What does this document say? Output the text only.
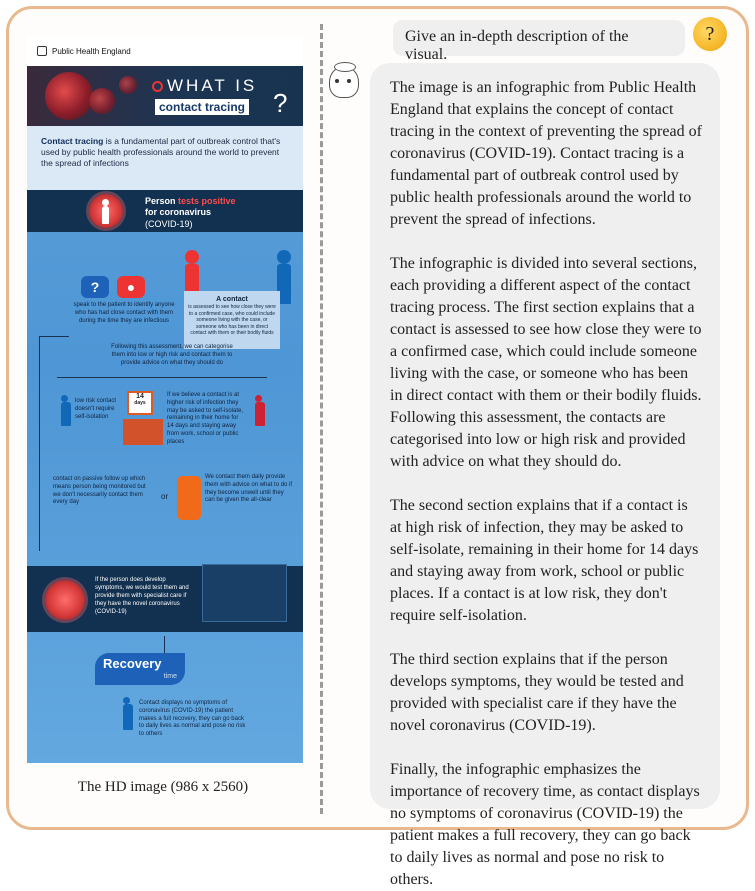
Public Health England
WHAT IS
contact tracing ?
Contact tracing is a fundamental part of outbreak control that's used by public health professionals around the world to prevent the spread of infections
Person tests positive
for coronavirus
(COVID-19)
?	●
speak to the patient to identify anyone who has had close contact with them during the time they are infectious
A contact
is assessed to see how close they were to a confirmed case, who could include someone living with the case, or someone who has been in direct contact with them or their bodily fluids
Following this assessment, we can categorise them into low or high risk and contact them to provide advice on what they should do
low risk contact doesn't require self-isolation
14
days
If we believe a contact is at higher risk of infection they may be asked to self-isolate, remaining in their home for 14 days and staying away from work, school or public places
contact on passive follow up which means person being monitored but we don't necessarily contact them every day
or
We contact them daily provide them with advice on what to do if they become unwell until they can be given the all-clear
If the person does develop symptoms, we would test them and provide them with specialist care if they have the novel coronavirus (COVID-19)
Recovery
time
Contact displays no symptoms of coronavirus (COVID-19) the patient makes a full recovery, they can go back to daily lives as normal and pose no risk to others
The HD image (986 x 2560)
Give an in-depth description of the visual.
?

The image is an infographic from Public Health England that explains the concept of contact tracing in the context of preventing the spread of coronavirus (COVID-19). Contact tracing is a fundamental part of outbreak control used by public health professionals around the world to prevent the spread of infections.

The infographic is divided into several sections, each providing a different aspect of the contact tracing process. The first section explains that a contact is assessed to see how close they were to a confirmed case, which could include someone living with the case, or someone who has been in direct contact with them or their bodily fluids. Following this assessment, the contacts are categorised into low or high risk and provided with advice on what they should do.

The second section explains that if a contact is at high risk of infection, they may be asked to self-isolate, remaining in their home for 14 days and staying away from work, school or public places. If a contact is at low risk, they don't require self-isolation.

The third section explains that if the person develops symptoms, they would be tested and provided with specialist care if they have the novel coronavirus (COVID-19).

Finally, the infographic emphasizes the importance of recovery time, as contact displays no symptoms of coronavirus (COVID-19) the patient makes a full recovery, they can go back to daily lives as normal and pose no risk to others.
